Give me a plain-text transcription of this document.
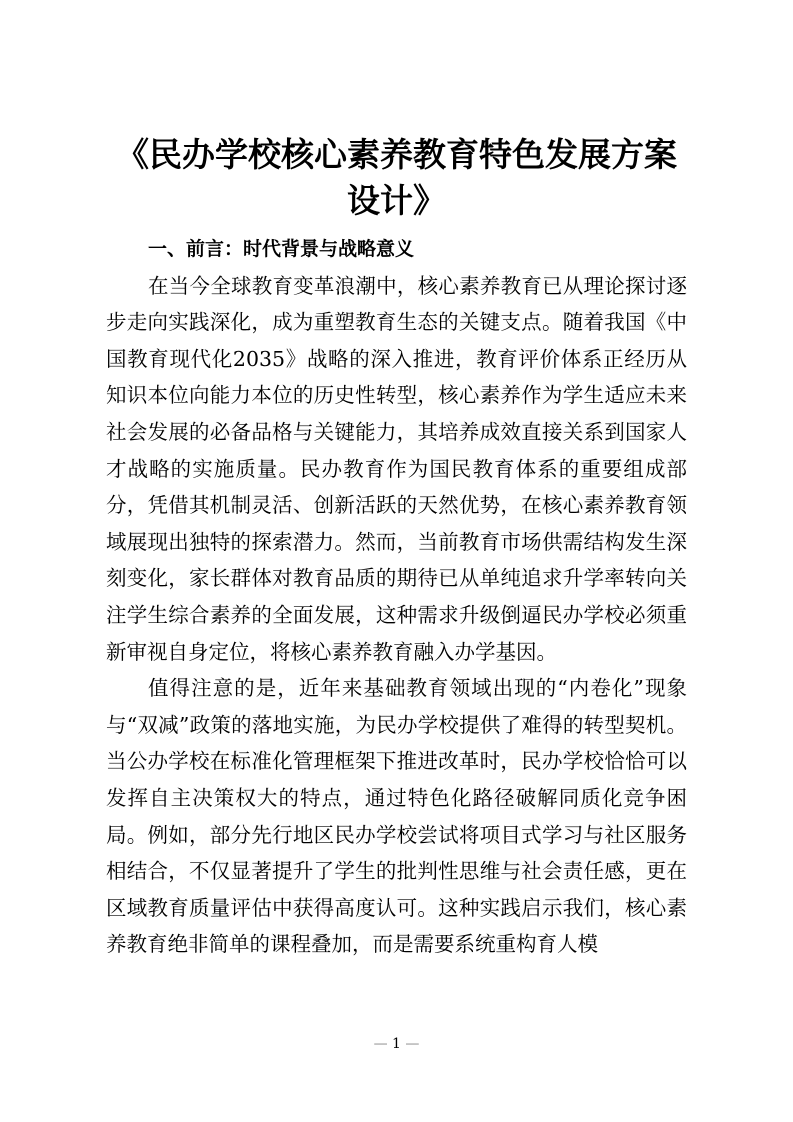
《民办学校核心素养教育特色发展方案设计》
一、前言：时代背景与战略意义

在当今全球教育变革浪潮中，核心素养教育已从理论探讨逐步走向实践深化，成为重塑教育生态的关键支点。随着我国《中国教育现代化2035》战略的深入推进，教育评价体系正经历从知识本位向能力本位的历史性转型，核心素养作为学生适应未来社会发展的必备品格与关键能力，其培养成效直接关系到国家人才战略的实施质量。民办教育作为国民教育体系的重要组成部分，凭借其机制灵活、创新活跃的天然优势，在核心素养教育领域展现出独特的探索潜力。然而，当前教育市场供需结构发生深刻变化，家长群体对教育品质的期待已从单纯追求升学率转向关注学生综合素养的全面发展，这种需求升级倒逼民办学校必须重新审视自身定位，将核心素养教育融入办学基因。

值得注意的是，近年来基础教育领域出现的“内卷化”现象与“双减”政策的落地实施，为民办学校提供了难得的转型契机。当公办学校在标准化管理框架下推进改革时，民办学校恰恰可以发挥自主决策权大的特点，通过特色化路径破解同质化竞争困局。例如，部分先行地区民办学校尝试将项目式学习与社区服务相结合，不仅显著提升了学生的批判性思维与社会责任感，更在区域教育质量评估中获得高度认可。这种实践启示我们，核心素养教育绝非简单的课程叠加，而是需要系统重构育人模

— 1 —
